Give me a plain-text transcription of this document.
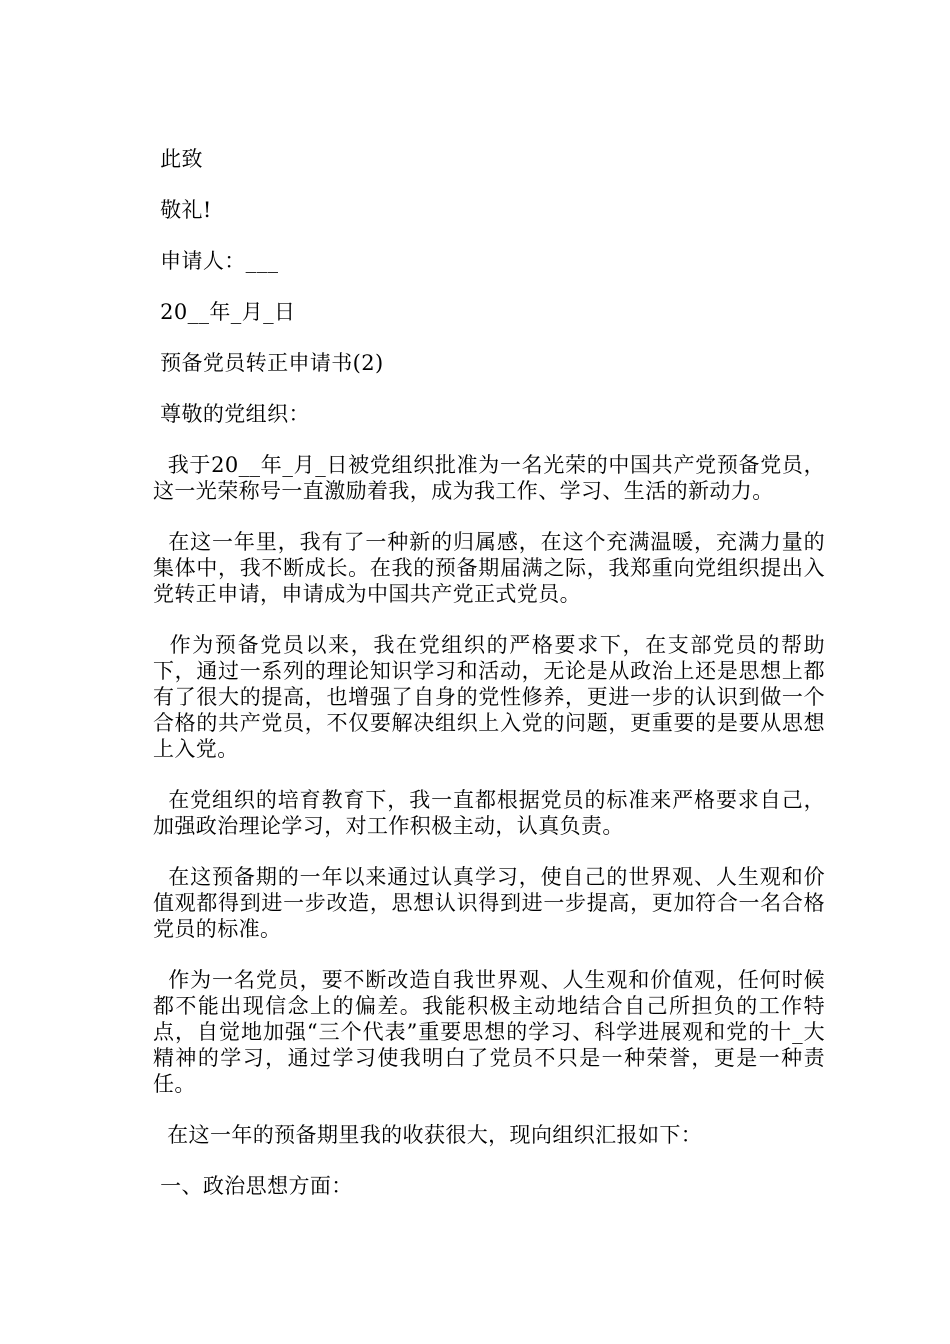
此致

敬礼!

申请人：___

20__年_月_日

预备党员转正申请书(2)

尊敬的党组织：

我于20__年_月_日被党组织批准为一名光荣的中国共产党预备党员，这一光荣称号一直激励着我，成为我工作、学习、生活的新动力。

在这一年里，我有了一种新的归属感，在这个充满温暖，充满力量的集体中，我不断成长。在我的预备期届满之际，我郑重向党组织提出入党转正申请，申请成为中国共产党正式党员。

作为预备党员以来，我在党组织的严格要求下，在支部党员的帮助下，通过一系列的理论知识学习和活动，无论是从政治上还是思想上都有了很大的提高，也增强了自身的党性修养，更进一步的认识到做一个合格的共产党员，不仅要解决组织上入党的问题，更重要的是要从思想上入党。

在党组织的培育教育下，我一直都根据党员的标准来严格要求自己，加强政治理论学习，对工作积极主动，认真负责。

在这预备期的一年以来通过认真学习，使自己的世界观、人生观和价值观都得到进一步改造，思想认识得到进一步提高，更加符合一名合格党员的标准。

作为一名党员，要不断改造自我世界观、人生观和价值观，任何时候都不能出现信念上的偏差。我能积极主动地结合自己所担负的工作特点，自觉地加强“三个代表”重要思想的学习、科学进展观和党的十_大精神的学习，通过学习使我明白了党员不只是一种荣誉，更是一种责任。

在这一年的预备期里我的收获很大，现向组织汇报如下：

一、政治思想方面：
